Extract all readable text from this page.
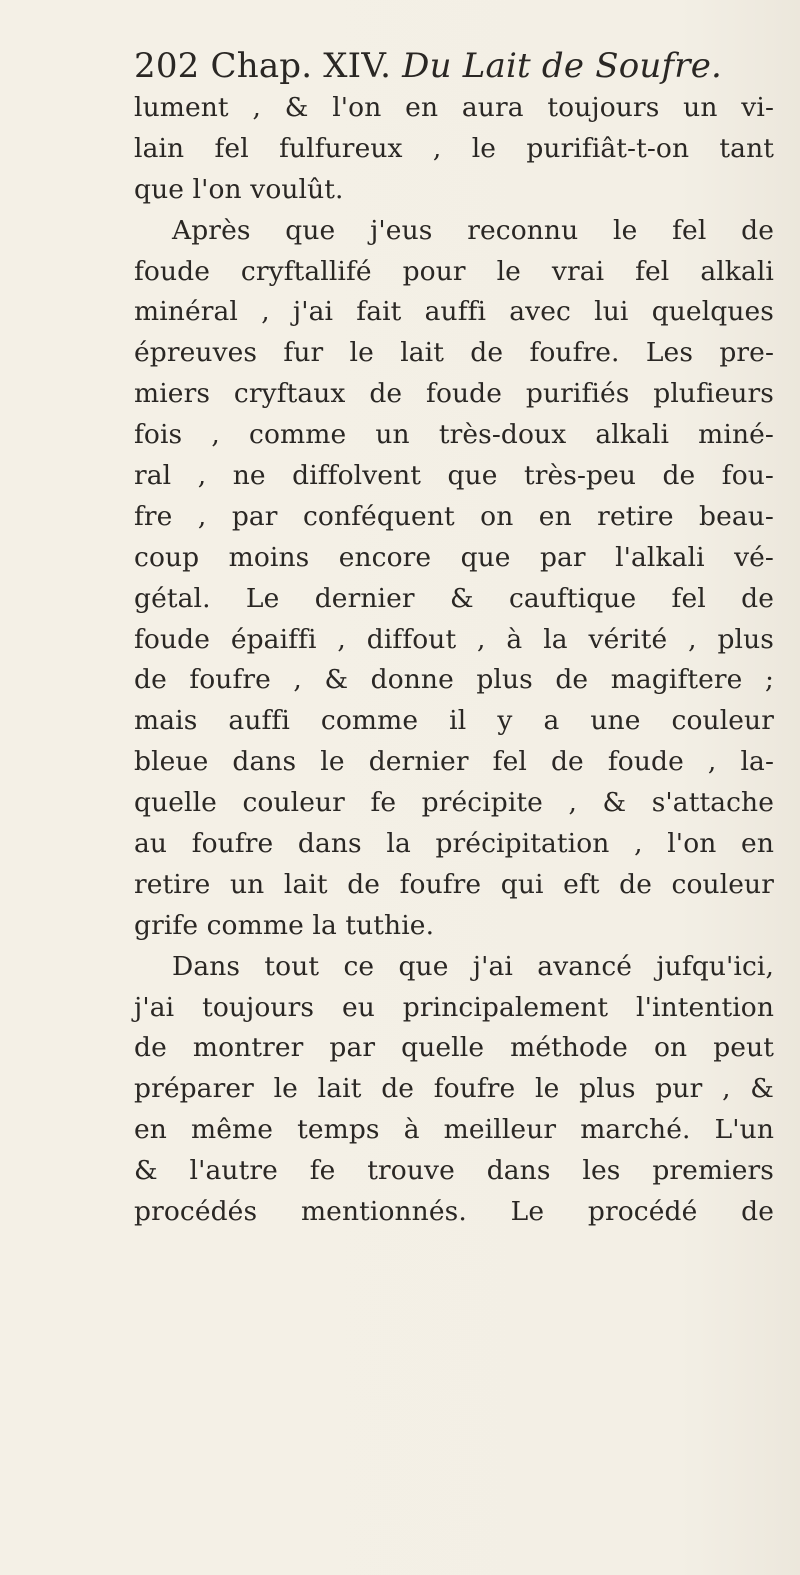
202 Chap. XIV. Du Lait de Soufre.
lument , & l'on en aura toujours un vi-
lain fel fulfureux , le purifiât-t-on tant
que l'on voulût.
Après que j'eus reconnu le fel de
foude cryftallifé pour le vrai fel alkali
minéral , j'ai fait auffi avec lui quelques
épreuves fur le lait de foufre. Les pre-
miers cryftaux de foude purifiés plufieurs
fois , comme un très-doux alkali miné-
ral , ne diffolvent que très-peu de fou-
fre , par conféquent on en retire beau-
coup moins encore que par l'alkali vé-
gétal. Le dernier & cauftique fel de
foude épaiffi , diffout , à la vérité , plus
de foufre , & donne plus de magiftere ;
mais auffi comme il y a une couleur
bleue dans le dernier fel de foude , la-
quelle couleur fe précipite , & s'attache
au foufre dans la précipitation , l'on en
retire un lait de foufre qui eft de couleur
grife comme la tuthie.
Dans tout ce que j'ai avancé jufqu'ici,
j'ai toujours eu principalement l'intention
de montrer par quelle méthode on peut
préparer le lait de foufre le plus pur , &
en même temps à meilleur marché. L'un
& l'autre fe trouve dans les premiers
procédés mentionnés. Le procédé de
